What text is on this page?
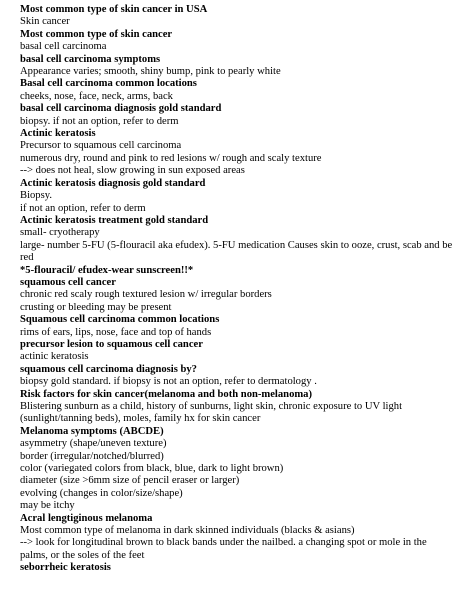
Most common type of skin cancer in USA
Skin cancer
Most common type of skin cancer
basal cell carcinoma
basal cell carcinoma symptoms
Appearance varies; smooth, shiny bump, pink to pearly white
Basal cell carcinoma common locations
cheeks, nose, face, neck, arms, back
basal cell carcinoma diagnosis gold standard
biopsy. if not an option, refer to derm
Actinic keratosis
Precursor to squamous cell carcinoma
numerous dry, round and pink to red lesions w/ rough and scaly texture
--> does not heal, slow growing in sun exposed areas
Actinic keratosis diagnosis gold standard
Biopsy.
if not an option, refer to derm
Actinic keratosis treatment gold standard
small- cryotherapy
large- number 5-FU (5-flouracil aka efudex). 5-FU medication Causes skin to ooze, crust, scab and be red
*5-flouracil/ efudex-wear sunscreen!!*
squamous cell cancer
chronic red scaly rough textured lesion w/ irregular borders
crusting or bleeding may be present
Squamous cell carcinoma common locations
rims of ears, lips, nose, face and top of hands
precursor lesion to squamous cell cancer
actinic keratosis
squamous cell carcinoma diagnosis by?
biopsy gold standard. if biopsy is not an option, refer to dermatology .
Risk factors for skin cancer(melanoma and both non-melanoma)
Blistering sunburn as a child, history of sunburns, light skin, chronic exposure to UV light (sunlight/tanning beds), moles, family hx for skin cancer
Melanoma symptoms (ABCDE)
asymmetry (shape/uneven texture)
border (irregular/notched/blurred)
color (variegated colors from black, blue, dark to light brown)
diameter (size >6mm size of pencil eraser or larger)
evolving (changes in color/size/shape)
may be itchy
Acral lengtiginous melanoma
Most common type of melanoma in dark skinned individuals (blacks & asians)
--> look for longitudinal brown to black bands under the nailbed. a changing spot or mole in the palms, or the soles of the feet
seborrheic keratosis
